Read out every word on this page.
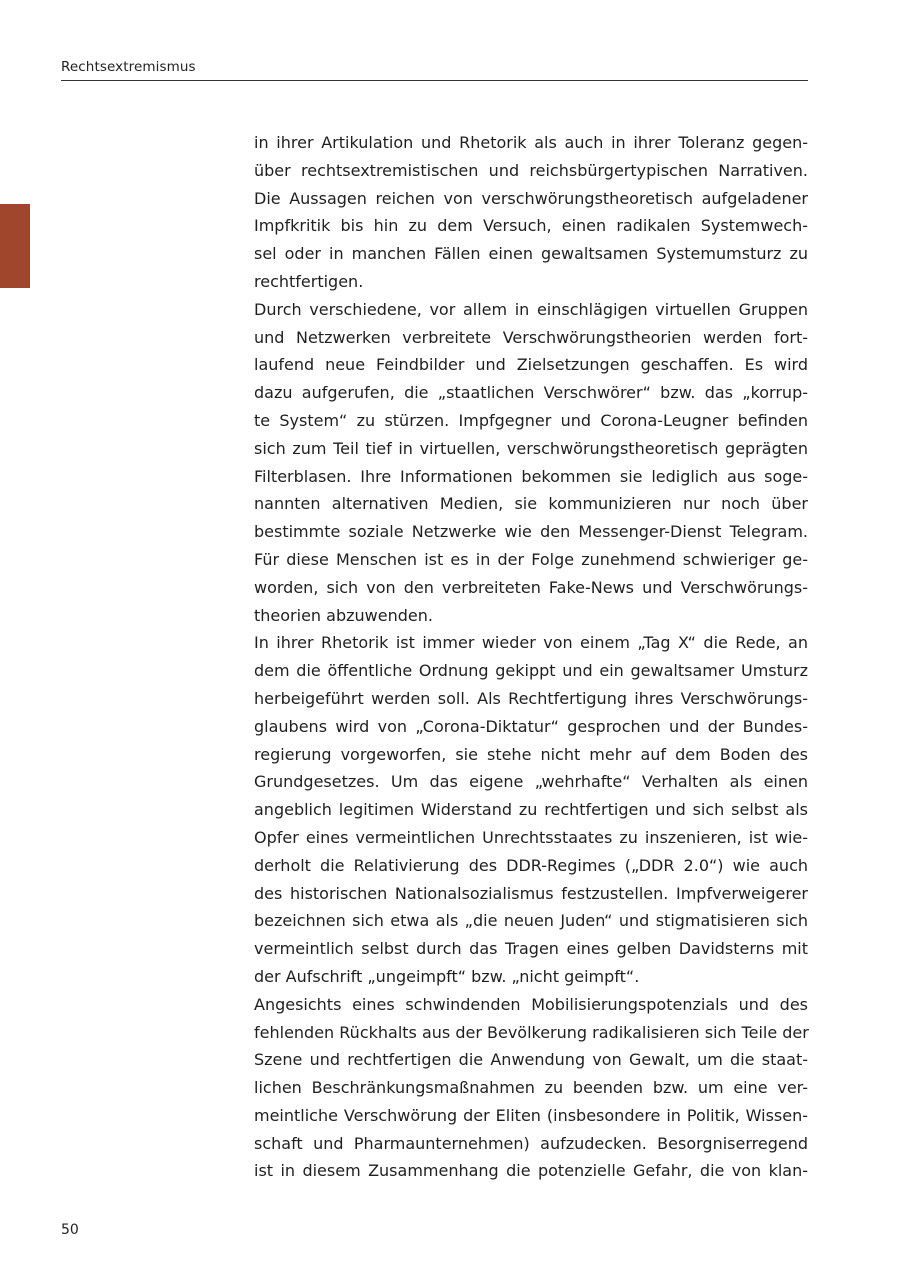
Rechtsextremismus
in ihrer Artikulation und Rhetorik als auch in ihrer Toleranz gegen-
über rechtsextremistischen und reichsbürgertypischen Narrativen.
Die Aussagen reichen von verschwörungstheoretisch aufgeladener
Impfkritik bis hin zu dem Versuch, einen radikalen Systemwech-
sel oder in manchen Fällen einen gewaltsamen Systemumsturz zu
rechtfertigen.
Durch verschiedene, vor allem in einschlägigen virtuellen Gruppen
und Netzwerken verbreitete Verschwörungstheorien werden fort-
laufend neue Feindbilder und Zielsetzungen geschaffen. Es wird
dazu aufgerufen, die „staatlichen Verschwörer“ bzw. das „korrup-
te System“ zu stürzen. Impfgegner und Corona-Leugner befinden
sich zum Teil tief in virtuellen, verschwörungstheoretisch geprägten
Filterblasen. Ihre Informationen bekommen sie lediglich aus soge-
nannten alternativen Medien, sie kommunizieren nur noch über
bestimmte soziale Netzwerke wie den Messenger-Dienst Telegram.
Für diese Menschen ist es in der Folge zunehmend schwieriger ge-
worden, sich von den verbreiteten Fake-News und Verschwörungs-
theorien abzuwenden.
In ihrer Rhetorik ist immer wieder von einem „Tag X“ die Rede, an
dem die öffentliche Ordnung gekippt und ein gewaltsamer Umsturz
herbeigeführt werden soll. Als Rechtfertigung ihres Verschwörungs-
glaubens wird von „Corona-Diktatur“ gesprochen und der Bundes-
regierung vorgeworfen, sie stehe nicht mehr auf dem Boden des
Grundgesetzes. Um das eigene „wehrhafte“ Verhalten als einen
angeblich legitimen Widerstand zu rechtfertigen und sich selbst als
Opfer eines vermeintlichen Unrechtsstaates zu inszenieren, ist wie-
derholt die Relativierung des DDR-Regimes („DDR 2.0“) wie auch
des historischen Nationalsozialismus festzustellen. Impfverweigerer
bezeichnen sich etwa als „die neuen Juden“ und stigmatisieren sich
vermeintlich selbst durch das Tragen eines gelben Davidsterns mit
der Aufschrift „ungeimpft“ bzw. „nicht geimpft“.
Angesichts eines schwindenden Mobilisierungspotenzials und des
fehlenden Rückhalts aus der Bevölkerung radikalisieren sich Teile der
Szene und rechtfertigen die Anwendung von Gewalt, um die staat-
lichen Beschränkungsmaßnahmen zu beenden bzw. um eine ver-
meintliche Verschwörung der Eliten (insbesondere in Politik, Wissen-
schaft und Pharmaunternehmen) aufzudecken. Besorgniserregend
ist in diesem Zusammenhang die potenzielle Gefahr, die von klan-
50
